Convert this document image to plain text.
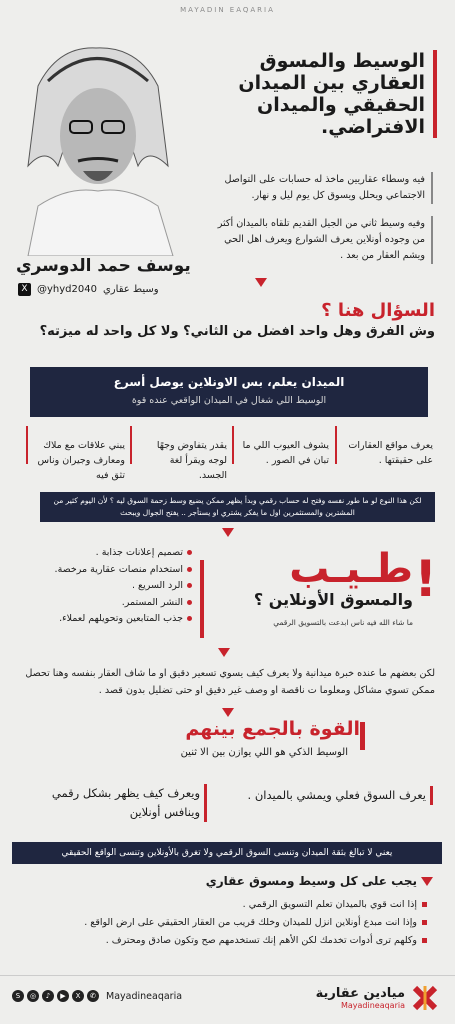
MAYADIN EAQARIA
الوسيط والمسوق العقاري بين الميدان الحقيقي والميدان الافتراضي.
يوسف حمد الدوسري
X @yhyd2040 وسيط عقاري
فيه وسطاء عقاريين ماخذ له حسابات على التواصل الاجتماعي ويحلل ويسوق كل يوم ليل و نهار.
وفيه وسيط ثاني من الجيل القديم تلقاه بالميدان أكثر من وجوده أونلاين يعرف الشوارع ويعرف اهل الحي ويشم العقار من بعد .
السؤال هنا ؟
وش الفرق وهل واحد افضل من الثاني؟ ولا كل واحد له ميزته؟
الميدان يعلم، بس الاونلاين يوصل أسرع
الوسيط اللي شغال في الميدان الواقعي عنده قوة
يعرف مواقع العقارات على حقيقتها .
يشوف العيوب اللي ما تبان في الصور .
يقدر يتفاوض وجهًا لوجه ويقرأ لغة الجسد.
يبني علاقات مع ملاك ومعارف وجيران وناس تثق فيه
لكن هذا النوع لو ما طور نفسه وفتح له حساب رقمي وبدأ يظهر ممكن يضيع وسط زحمة السوق ليه ؟ لأن اليوم كثير من المشترين والمستثمرين اول ما يفكر يشتري او يستأجر .. يفتح الجوال ويبحث
تصميم إعلانات جذابة .
استخدام منصات عقارية مرخصة.
الرد السريع .
النشر المستمر.
جذب المتابعين وتحويلهم لعملاء.
!
طـيـب
والمسوق الأونلاين ؟
ما شاء الله فيه ناس ابدعت بالتسويق الرقمي
لكن بعضهم ما عنده خبرة ميدانية ولا يعرف كيف يسوي تسعير دقيق او ما شاف العقار بنفسه وهنا تحصل ممكن تسوي مشاكل ومعلوما ت ناقصة او وصف غير دقيق او حتى تضليل بدون قصد .
القوة بالجمع بينهم
الوسيط الذكي هو اللي يوازن بين الا ثنين
يعرف السوق فعلي ويمشي بالميدان .
ويعرف كيف يظهر بشكل رقمي وينافس أونلاين
يعني لا تبالغ بثقة الميدان وتنسى السوق الرقمي ولا تغرق بالأونلاين وتنسى الواقع الحقيقي
يجب على كل وسيط ومسوق عقاري
إذا انت قوي بالميدان تعلم التسويق الرقمي .
وإذا انت مبدع أونلاين انزل للميدان وخلك قريب من العقار الحقيقي على ارض الواقع .
وكلهم ترى أدوات تخدمك لكن الأهم إنك تستخدمهم صح وتكون صادق ومحترف .
S	◎	♪	▶	X	✆	Mayadineaqaria	ميادين عقارية
Mayadineaqaria
